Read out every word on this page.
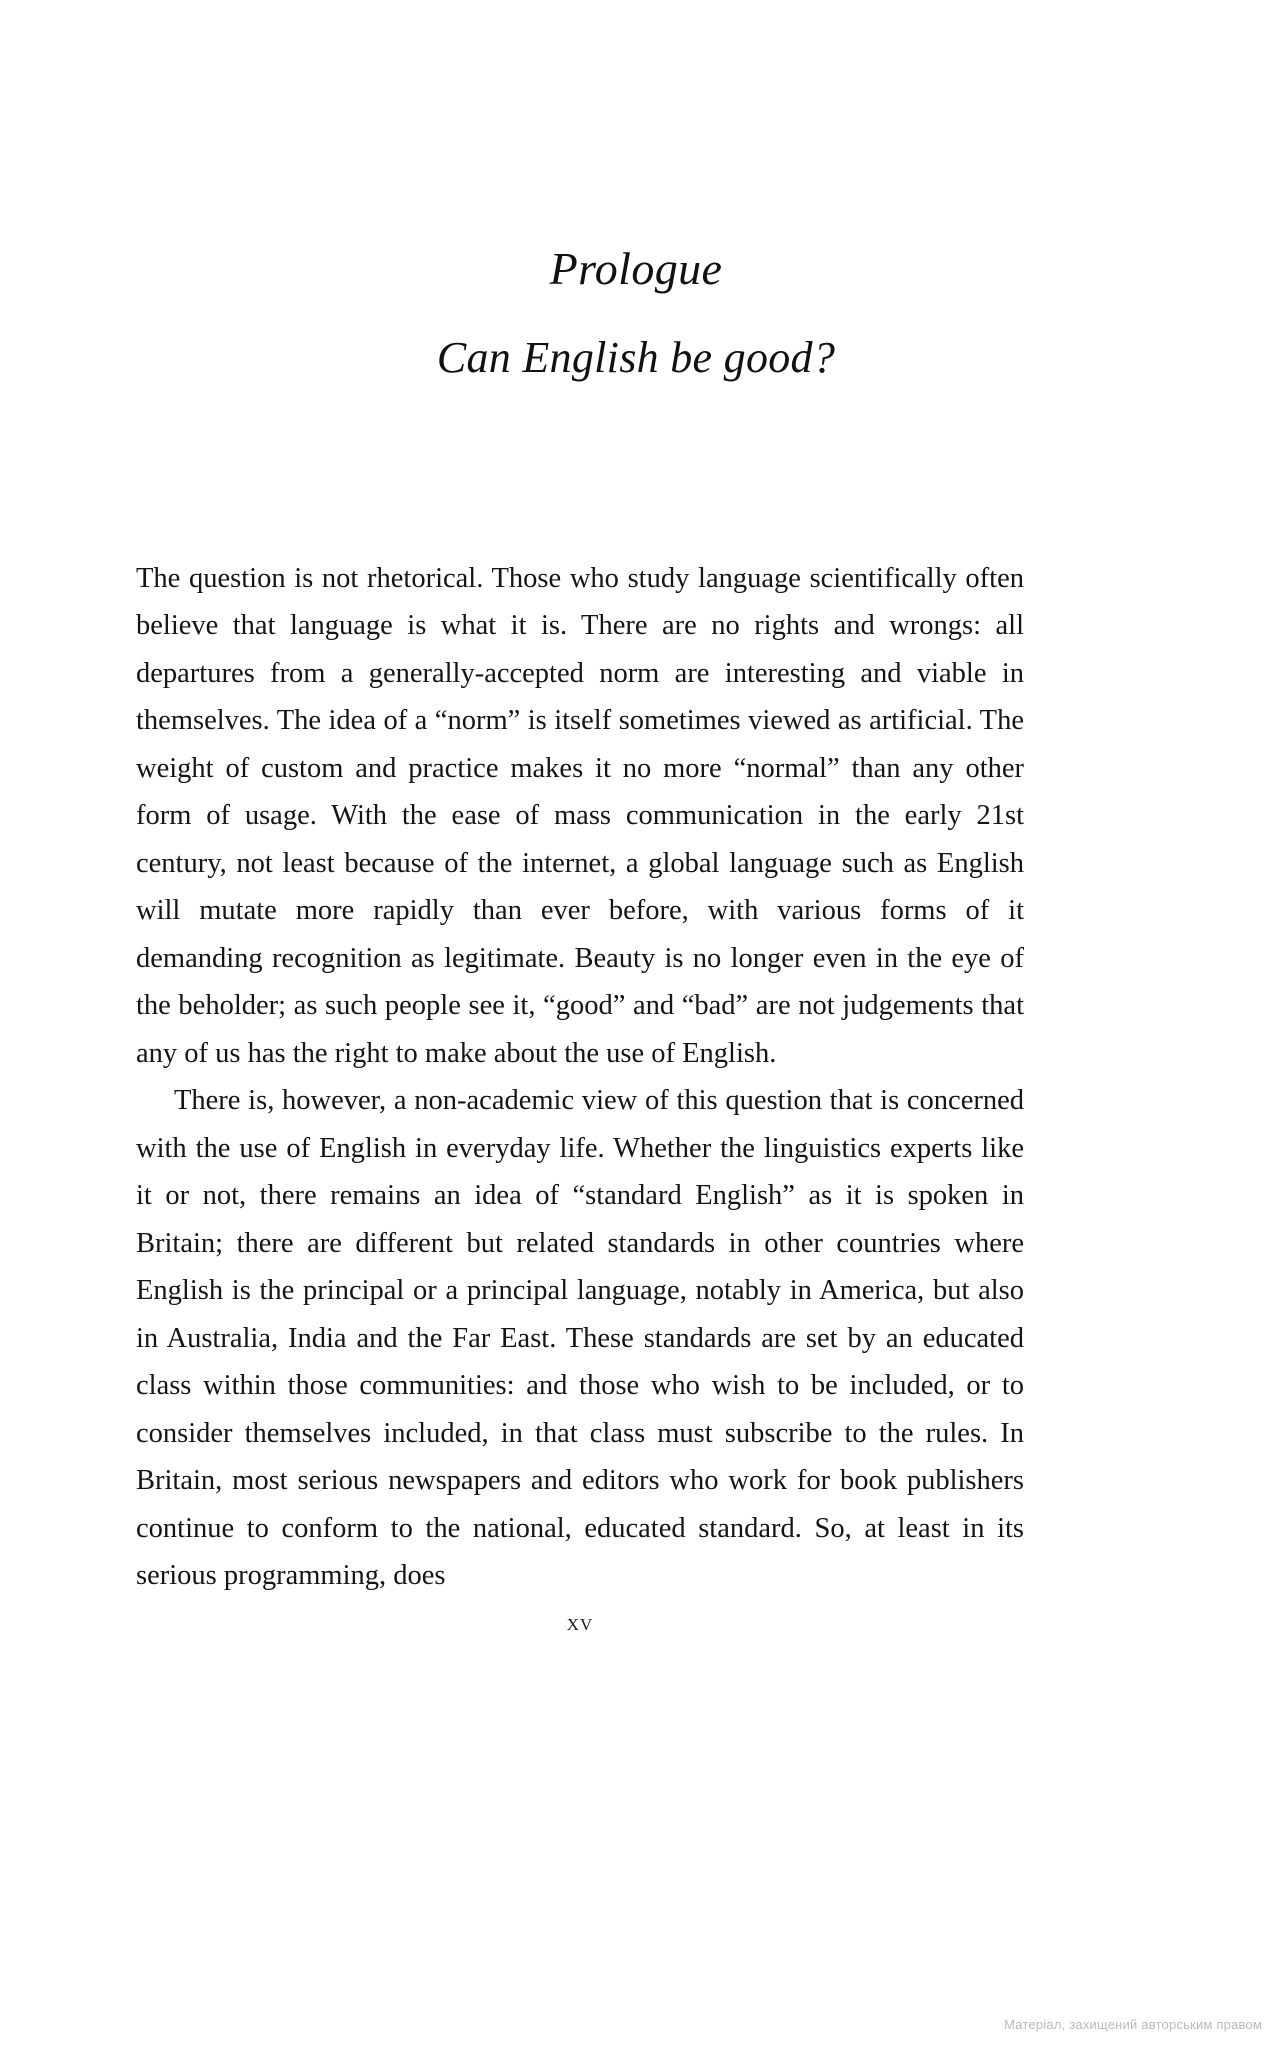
Prologue
Can English be good?

The question is not rhetorical. Those who study language scientifically often believe that language is what it is. There are no rights and wrongs: all departures from a generally-accepted norm are interesting and viable in themselves. The idea of a “norm” is itself sometimes viewed as artificial. The weight of custom and practice makes it no more “normal” than any other form of usage. With the ease of mass communication in the early 21st century, not least because of the internet, a global language such as English will mutate more rapidly than ever before, with various forms of it demanding recognition as legitimate. Beauty is no longer even in the eye of the beholder; as such people see it, “good” and “bad” are not judgements that any of us has the right to make about the use of English.

There is, however, a non-academic view of this question that is concerned with the use of English in everyday life. Whether the linguistics experts like it or not, there remains an idea of “standard English” as it is spoken in Britain; there are different but related standards in other countries where English is the principal or a principal language, notably in America, but also in Australia, India and the Far East. These standards are set by an educated class within those communities: and those who wish to be included, or to consider themselves included, in that class must subscribe to the rules. In Britain, most serious newspapers and editors who work for book publishers continue to conform to the national, educated standard. So, at least in its serious programming, does

xv
Матеріал, захищений авторським правом
